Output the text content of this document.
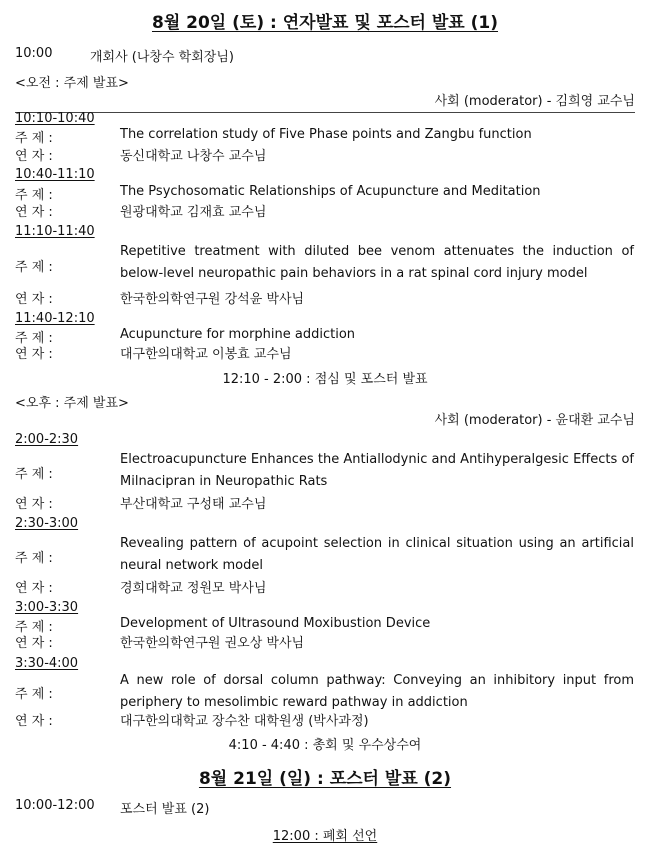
8월 20일 (토) : 연자발표 및 포스터 발표 (1)
10:00	개회사 (나창수 학회장님)
<오전 : 주제 발표>
사회 (moderator) - 김희영 교수님
10:10-10:40
주 제 :	The correlation study of Five Phase points and Zangbu function
연 자 :	동신대학교 나창수 교수님
10:40-11:10
주 제 :	The Psychosomatic Relationships of Acupuncture and Meditation
연 자 :	원광대학교 김재효 교수님
11:10-11:40
주 제 :
Repetitive treatment with diluted bee venom attenuates the induction of below-level neuropathic pain behaviors in a rat spinal cord injury model
연 자 :	한국한의학연구원 강석윤 박사님
11:40-12:10
주 제 :	Acupuncture for morphine addiction
연 자 :	대구한의대학교 이봉효 교수님
12:10 - 2:00 : 점심 및 포스터 발표
<오후 : 주제 발표>
사회 (moderator) - 윤대환 교수님
2:00-2:30
주 제 :
Electroacupuncture Enhances the Antiallodynic and Antihyperalgesic Effects of Milnacipran in Neuropathic Rats
연 자 :	부산대학교 구성태 교수님
2:30-3:00
주 제 :
Revealing pattern of acupoint selection in clinical situation using an artificial neural network model
연 자 :	경희대학교 정원모 박사님
3:00-3:30
주 제 :	Development of Ultrasound Moxibustion Device
연 자 :	한국한의학연구원 권오상 박사님
3:30-4:00
주 제 :
A new role of dorsal column pathway: Conveying an inhibitory input from periphery to mesolimbic reward pathway in addiction
연 자 :	대구한의대학교 장수찬 대학원생 (박사과정)
4:10 - 4:40 : 총회 및 우수상수여
8월 21일 (일) : 포스터 발표 (2)
10:00-12:00 포스터 발표 (2)
12:00 : 폐회 선언
